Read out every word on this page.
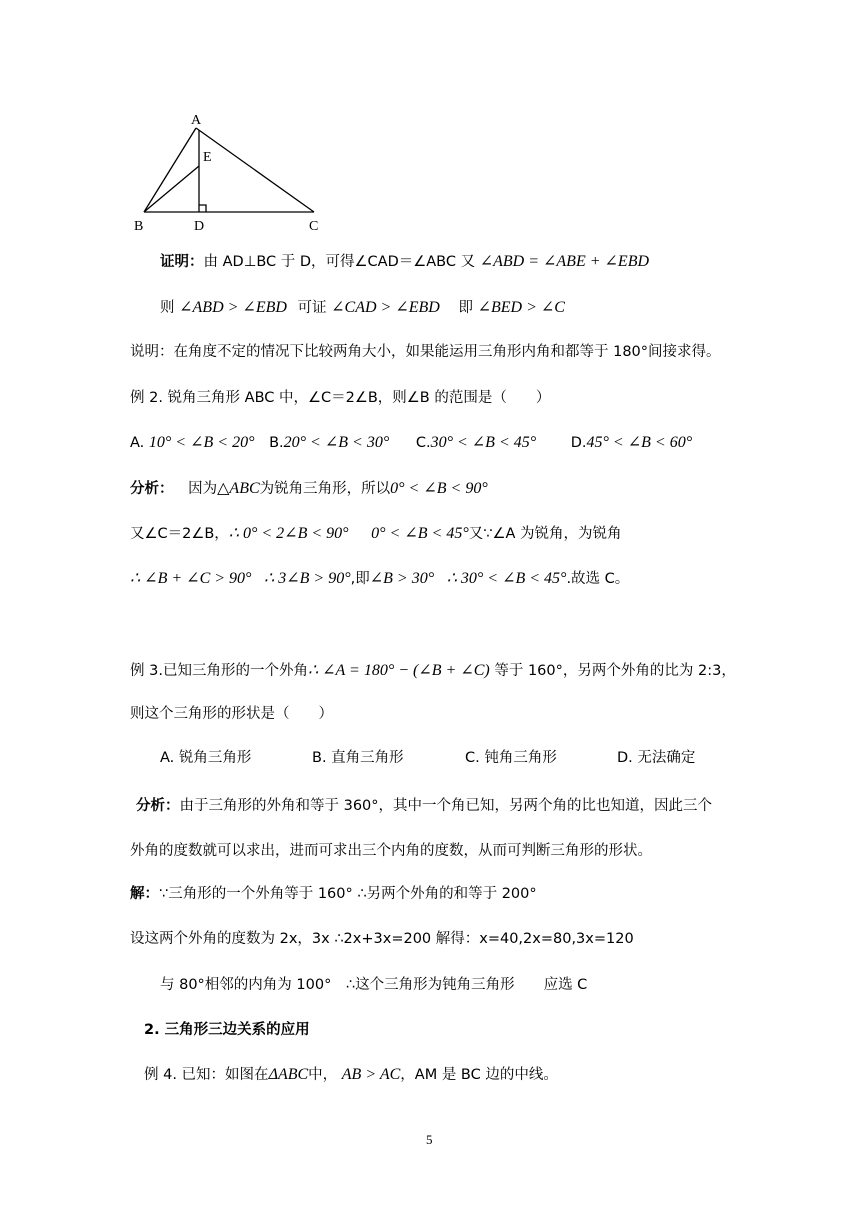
A
E
B	D	C
证明：由 AD⊥BC 于 D，可得∠CAD＝∠ABC 又 ∠ABD = ∠ABE + ∠EBD
则 ∠ABD > ∠EBD 可证 ∠CAD > ∠EBD 即 ∠BED > ∠C
说明：在角度不定的情况下比较两角大小，如果能运用三角形内角和都等于 180°间接求得。
例 2. 锐角三角形 ABC 中，∠C＝2∠B，则∠B 的范围是（　　）
A. 10° < ∠B < 20° B.20° < ∠B < 30° C.30° < ∠B < 45° D.45° < ∠B < 60°
分析： 因为△ABC为锐角三角形，所以0° < ∠B < 90°
又∠C＝2∠B，∴ 0° < 2∠B < 90° 0° < ∠B < 45°又∵∠A 为锐角，为锐角
∴ ∠B + ∠C > 90° ∴ 3∠B > 90°,即∠B > 30° ∴ 30° < ∠B < 45°.故选 C。
例 3.已知三角形的一个外角∴ ∠A = 180° − (∠B + ∠C) 等于 160°，另两个外角的比为 2:3，
则这个三角形的形状是（　　）
A. 锐角三角形	B. 直角三角形	C. 钝角三角形	D. 无法确定
分析：由于三角形的外角和等于 360°，其中一个角已知，另两个角的比也知道，因此三个
外角的度数就可以求出，进而可求出三个内角的度数，从而可判断三角形的形状。
解：∵三角形的一个外角等于 160° ∴另两个外角的和等于 200°
设这两个外角的度数为 2x，3x ∴2x+3x=200 解得：x=40,2x=80,3x=120
与 80°相邻的内角为 100°　∴这个三角形为钝角三角形　　应选 C
2. 三角形三边关系的应用
例 4. 已知：如图在ΔABC中， AB > AC，AM 是 BC 边的中线。
5
